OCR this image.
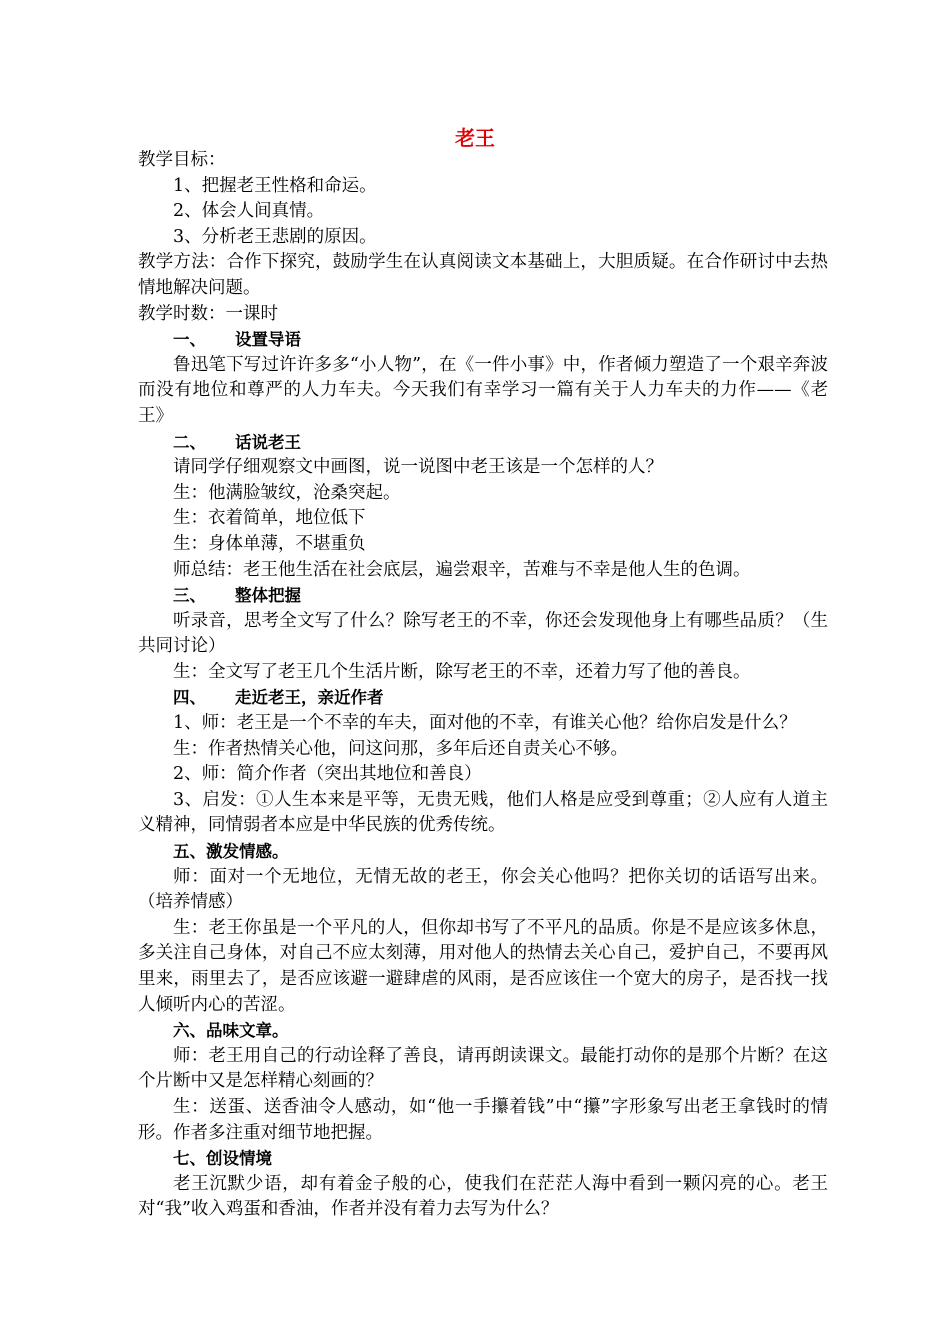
老王
教学目标：
1、把握老王性格和命运。
2、体会人间真情。
3、分析老王悲剧的原因。
教学方法：合作下探究，鼓励学生在认真阅读文本基础上，大胆质疑。在合作研讨中去热情地解决问题。
教学时数：一课时
一、 设置导语
鲁迅笔下写过许许多多“小人物”，在《一件小事》中，作者倾力塑造了一个艰辛奔波而没有地位和尊严的人力车夫。今天我们有幸学习一篇有关于人力车夫的力作——《老王》
二、 话说老王
请同学仔细观察文中画图，说一说图中老王该是一个怎样的人？
生：他满脸皱纹，沧桑突起。
生：衣着简单，地位低下
生：身体单薄，不堪重负
师总结：老王他生活在社会底层，遍尝艰辛，苦难与不幸是他人生的色调。
三、 整体把握
听录音，思考全文写了什么？除写老王的不幸，你还会发现他身上有哪些品质？（生共同讨论）
生：全文写了老王几个生活片断，除写老王的不幸，还着力写了他的善良。
四、 走近老王，亲近作者
1、师：老王是一个不幸的车夫，面对他的不幸，有谁关心他？给你启发是什么？
生：作者热情关心他，问这问那，多年后还自责关心不够。
2、师：简介作者（突出其地位和善良）
3、启发：①人生本来是平等，无贵无贱，他们人格是应受到尊重；②人应有人道主义精神，同情弱者本应是中华民族的优秀传统。
五、激发情感。
师：面对一个无地位，无情无故的老王，你会关心他吗？把你关切的话语写出来。（培养情感）
生：老王你虽是一个平凡的人，但你却书写了不平凡的品质。你是不是应该多休息，多关注自己身体，对自己不应太刻薄，用对他人的热情去关心自己，爱护自己，不要再风里来，雨里去了，是否应该避一避肆虐的风雨，是否应该住一个宽大的房子，是否找一找人倾听内心的苦涩。
六、品味文章。
师：老王用自己的行动诠释了善良，请再朗读课文。最能打动你的是那个片断？在这个片断中又是怎样精心刻画的？
生：送蛋、送香油令人感动，如“他一手攥着钱”中“攥”字形象写出老王拿钱时的情形。作者多注重对细节地把握。
七、创设情境
老王沉默少语，却有着金子般的心，使我们在茫茫人海中看到一颗闪亮的心。老王对“我”收入鸡蛋和香油，作者并没有着力去写为什么？
